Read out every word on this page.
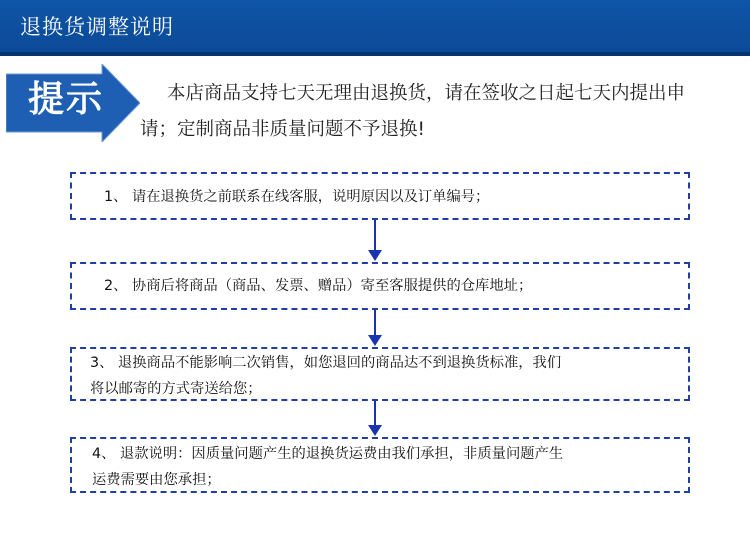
退换货调整说明
提示	本店商品支持七天无理由退换货，请在签收之日起七天内提出申请；定制商品非质量问题不予退换!
1、 请在退换货之前联系在线客服，说明原因以及订单编号；
2、 协商后将商品（商品、发票、赠品）寄至客服提供的仓库地址；
3、 退换商品不能影响二次销售，如您退回的商品达不到退换货标准，我们
将以邮寄的方式寄送给您；
4、 退款说明：因质量问题产生的退换货运费由我们承担，非质量问题产生
运费需要由您承担；
